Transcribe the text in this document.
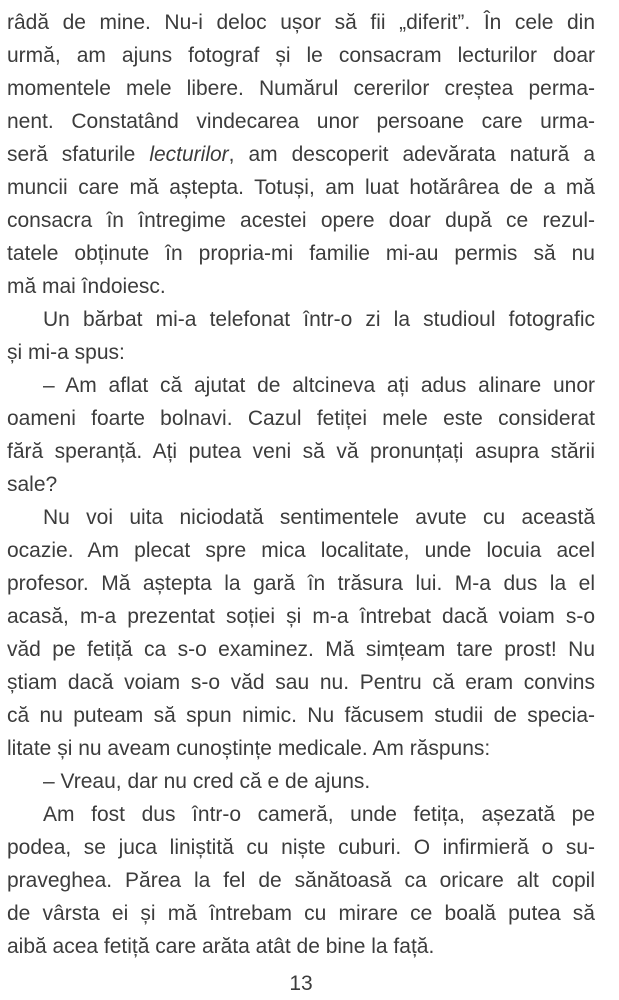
râdă de mine. Nu-i deloc ușor să fii „diferit”. În cele din
urmă, am ajuns fotograf și le consacram lecturilor doar
momentele mele libere. Numărul cererilor creștea perma-
nent. Constatând vindecarea unor persoane care urma-
seră sfaturile lecturilor, am descoperit adevărata natură a
muncii care mă aștepta. Totuși, am luat hotărârea de a mă
consacra în întregime acestei opere doar după ce rezul-
tatele obținute în propria-mi familie mi-au permis să nu
mă mai îndoiesc.
Un bărbat mi-a telefonat într-o zi la studioul fotografic
și mi-a spus:
– Am aflat că ajutat de altcineva ați adus alinare unor
oameni foarte bolnavi. Cazul fetiței mele este considerat
fără speranță. Ați putea veni să vă pronunțați asupra stării
sale?
Nu voi uita niciodată sentimentele avute cu această
ocazie. Am plecat spre mica localitate, unde locuia acel
profesor. Mă aștepta la gară în trăsura lui. M-a dus la el
acasă, m-a prezentat soției și m-a întrebat dacă voiam s-o
văd pe fetiță ca s-o examinez. Mă simțeam tare prost! Nu
știam dacă voiam s-o văd sau nu. Pentru că eram convins
că nu puteam să spun nimic. Nu făcusem studii de specia-
litate și nu aveam cunoștințe medicale. Am răspuns:
– Vreau, dar nu cred că e de ajuns.
Am fost dus într-o cameră, unde fetița, așezată pe
podea, se juca liniștită cu niște cuburi. O infirmieră o su-
praveghea. Părea la fel de sănătoasă ca oricare alt copil
de vârsta ei și mă întrebam cu mirare ce boală putea să
aibă acea fetiță care arăta atât de bine la față.
13
